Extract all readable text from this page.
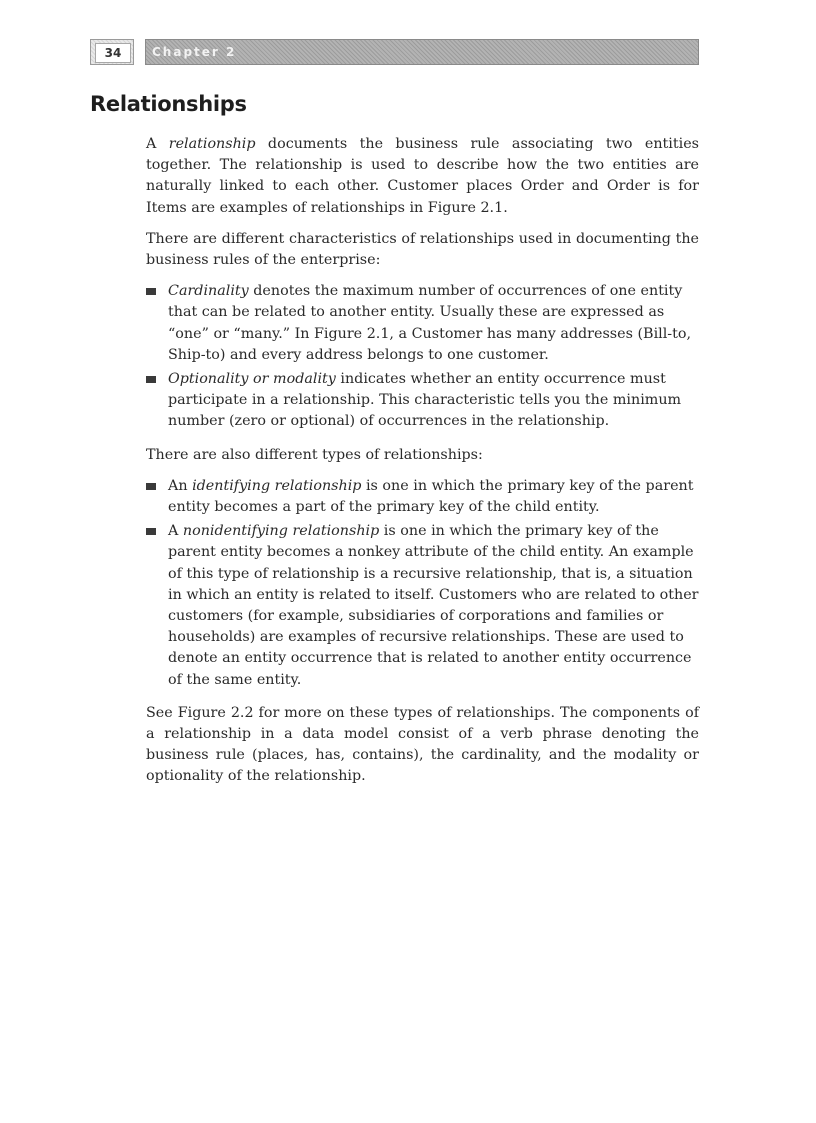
34	Chapter 2
Relationships

A relationship documents the business rule associating two entities together. The relationship is used to describe how the two entities are naturally linked to each other. Customer places Order and Order is for Items are examples of relationships in Figure 2.1.

There are different characteristics of relationships used in documenting the business rules of the enterprise:

Cardinality denotes the maximum number of occurrences of one entity that can be related to another entity. Usually these are expressed as “one” or “many.” In Figure 2.1, a Customer has many addresses (Bill-to, Ship-to) and every address belongs to one customer.
Optionality or modality indicates whether an entity occurrence must participate in a relationship. This characteristic tells you the minimum number (zero or optional) of occurrences in the relationship.

There are also different types of relationships:

An identifying relationship is one in which the primary key of the parent entity becomes a part of the primary key of the child entity.
A nonidentifying relationship is one in which the primary key of the parent entity becomes a nonkey attribute of the child entity. An example of this type of relationship is a recursive relationship, that is, a situation in which an entity is related to itself. Customers who are related to other customers (for example, subsidiaries of corporations and families or households) are examples of recursive relationships. These are used to denote an entity occurrence that is related to another entity occurrence of the same entity.

See Figure 2.2 for more on these types of relationships. The components of a relationship in a data model consist of a verb phrase denoting the business rule (places, has, contains), the cardinality, and the modality or optionality of the relationship.
